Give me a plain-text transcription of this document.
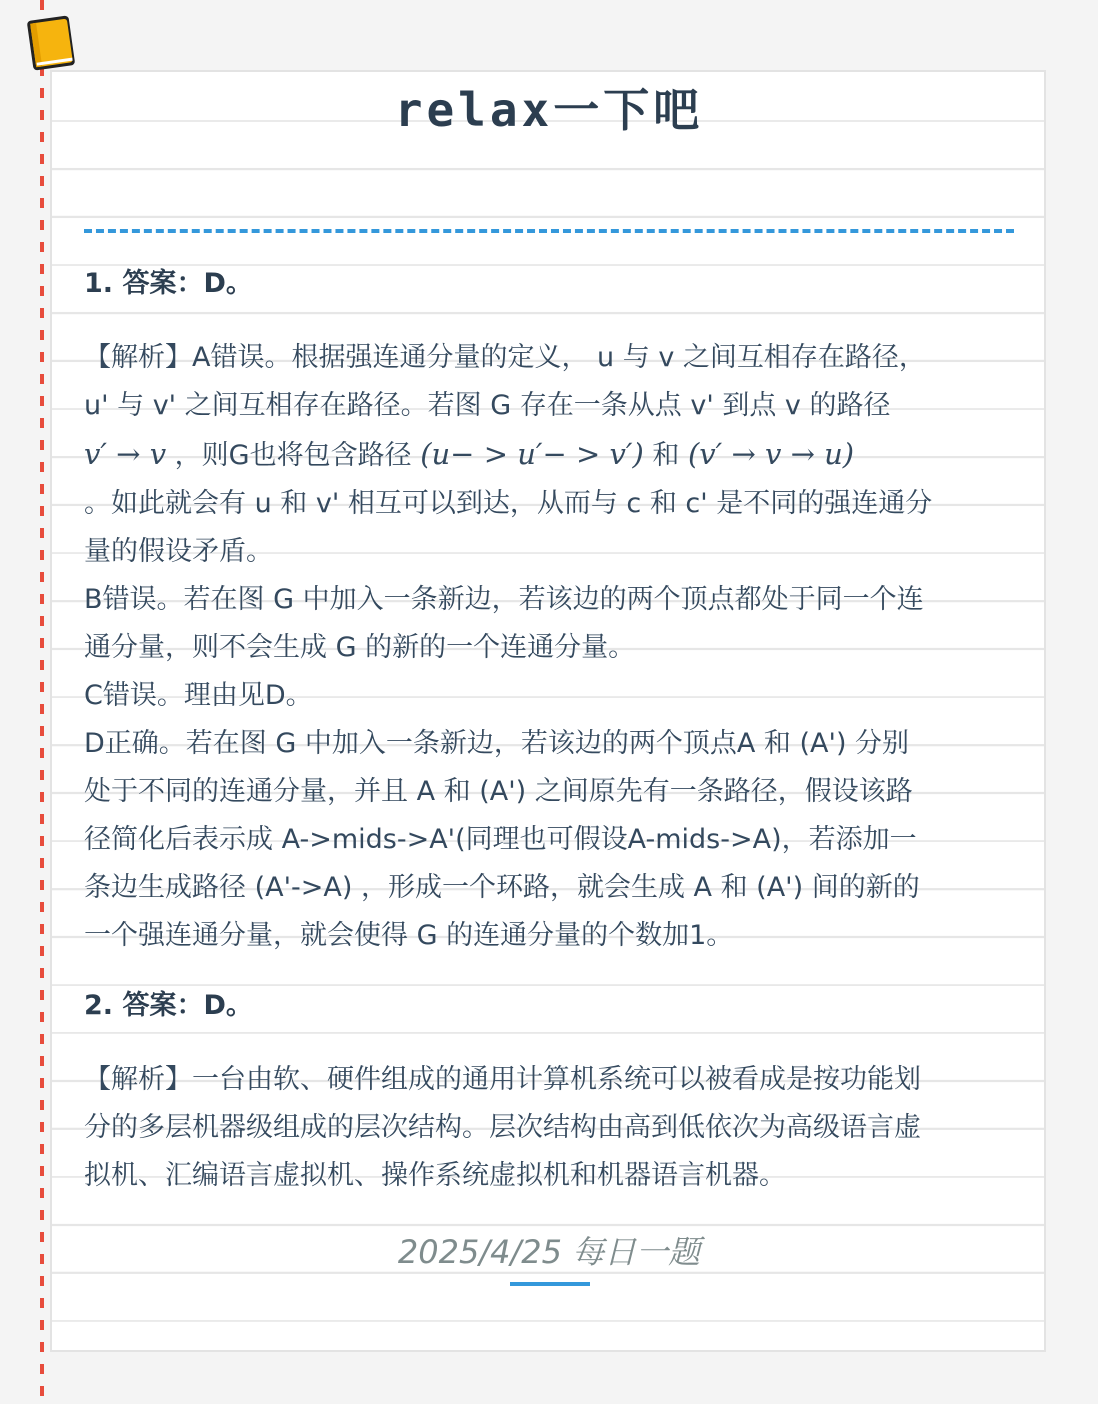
relax一下吧

1. 答案：D。

【解析】A错误。根据强连通分量的定义， u 与 v 之间互相存在路径，

u' 与 v' 之间互相存在路径。若图 G 存在一条从点 v' 到点 v 的路径

v′ → v ，则G也将包含路径 (u− > u′− > v′) 和 (v′ → v → u)

。如此就会有 u 和 v' 相互可以到达，从而与 c 和 c' 是不同的强连通分

量的假设矛盾。

B错误。若在图 G 中加入一条新边，若该边的两个顶点都处于同一个连

通分量，则不会生成 G 的新的一个连通分量。

C错误。理由见D。

D正确。若在图 G 中加入一条新边，若该边的两个顶点A 和 (A') 分别

处于不同的连通分量，并且 A 和 (A') 之间原先有一条路径，假设该路

径简化后表示成 A->mids->A'(同理也可假设A-mids->A)，若添加一

条边生成路径 (A'->A) ，形成一个环路，就会生成 A 和 (A') 间的新的

一个强连通分量，就会使得 G 的连通分量的个数加1。

2. 答案：D。

【解析】一台由软、硬件组成的通用计算机系统可以被看成是按功能划

分的多层机器级组成的层次结构。层次结构由高到低依次为高级语言虚

拟机、汇编语言虚拟机、操作系统虚拟机和机器语言机器。

2025/4/25 每日一题
